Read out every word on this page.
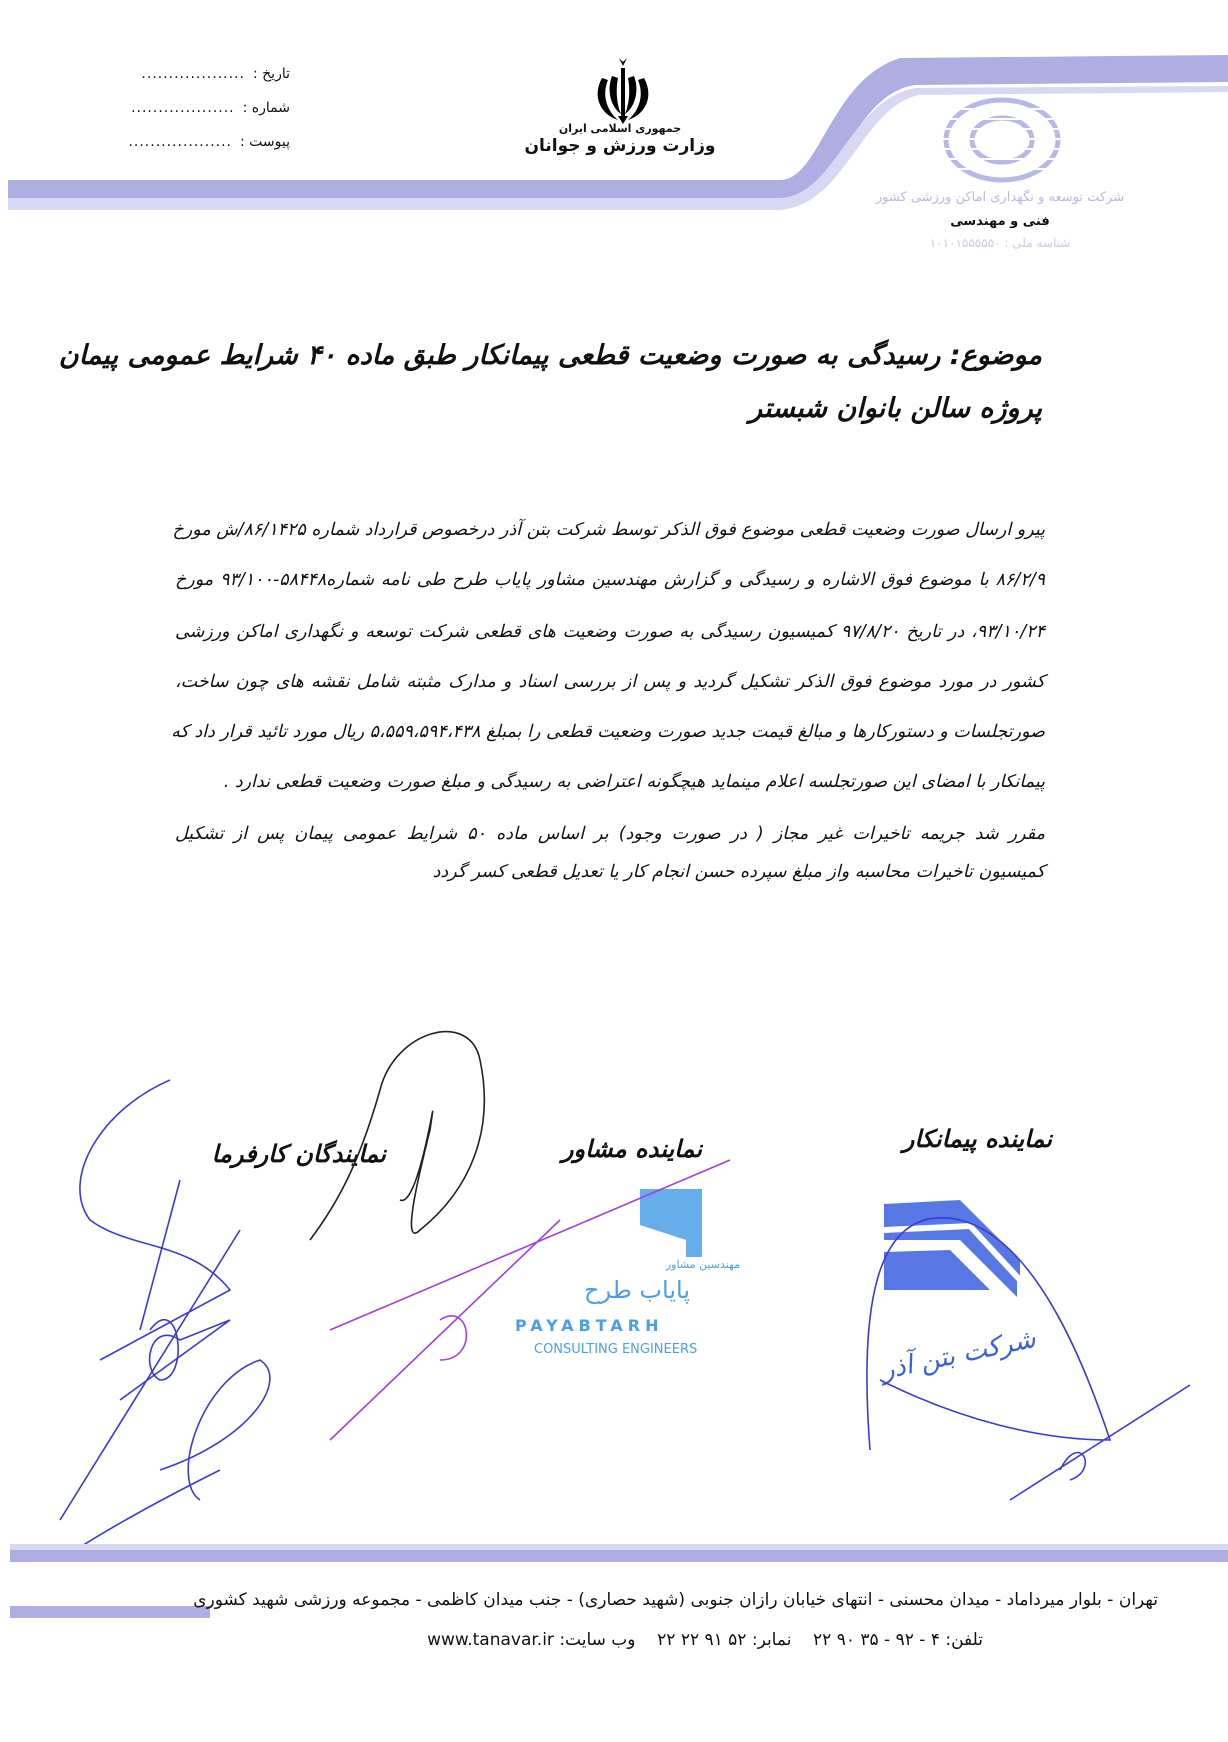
تاریخ :
...................
شماره :
...................
پیوست :
...................
جمهوری اسلامی ایران
وزارت ورزش و جوانان
شرکت توسعه و نگهداری اماکن ورزشی کشور
فنی و مهندسی
شناسه ملی : ۱۰۱۰۱۵۵۵۵۵۰
موضوع: رسیدگی به صورت وضعیت قطعی پیمانکار طبق ماده ۴۰ شرایط عمومی پیمان
پروژه سالن بانوان شبستر
پیرو ارسال صورت وضعیت قطعی موضوع فوق الذکر توسط شرکت بتن آذر درخصوص قرارداد شماره ۸۶/۱۴۲۵/ش مورخ
۸۶/۲/۹ با موضوع فوق الاشاره و رسیدگی و گزارش مهندسین مشاور پایاب طرح طی نامه شماره۵۸۴۴۸-۹۳/۱۰۰ مورخ
۹۳/۱۰/۲۴، در تاریخ ۹۷/۸/۲۰ کمیسیون رسیدگی به صورت وضعیت های قطعی شرکت توسعه و نگهداری اماکن ورزشی
کشور در مورد موضوع فوق الذکر تشکیل گردید و پس از بررسی اسناد و مدارک مثبته شامل نقشه های چون ساخت،
صورتجلسات و دستورکارها و مبالغ قیمت جدید صورت وضعیت قطعی را بمبلغ ۵،۵۵۹،۵۹۴،۴۳۸ ریال مورد تائید قرار داد که
پیمانکار با امضای این صورتجلسه اعلام مینماید هیچگونه اعتراضی به رسیدگی و مبلغ صورت وضعیت قطعی ندارد .
مقرر شد جریمه تاخیرات غیر مجاز ( در صورت وجود) بر اساس ماده ۵۰ شرایط عمومی پیمان پس از تشکیل
کمیسیون تاخیرات محاسبه واز مبلغ سپرده حسن انجام کار یا تعدیل قطعی کسر گردد
نماینده پیمانکار
نماینده مشاور
نمایندگان کارفرما
مهندسین مشاور
پایاب طرح
PAYABTARH
CONSULTING ENGINEERS	شرکت بتن آذر
تهران - بلوار میرداماد - میدان محسنی - انتهای خیابان رازان جنوبی (شهید حصاری) - جنب میدان کاظمی - مجموعه ورزشی شهید کشوری
تلفن: ۴ - ۹۲ - ۳۵ ۹۰ ۲۲    نمابر: ۵۲ ۹۱ ۲۲ ۲۲    وب سایت: www.tanavar.ir
